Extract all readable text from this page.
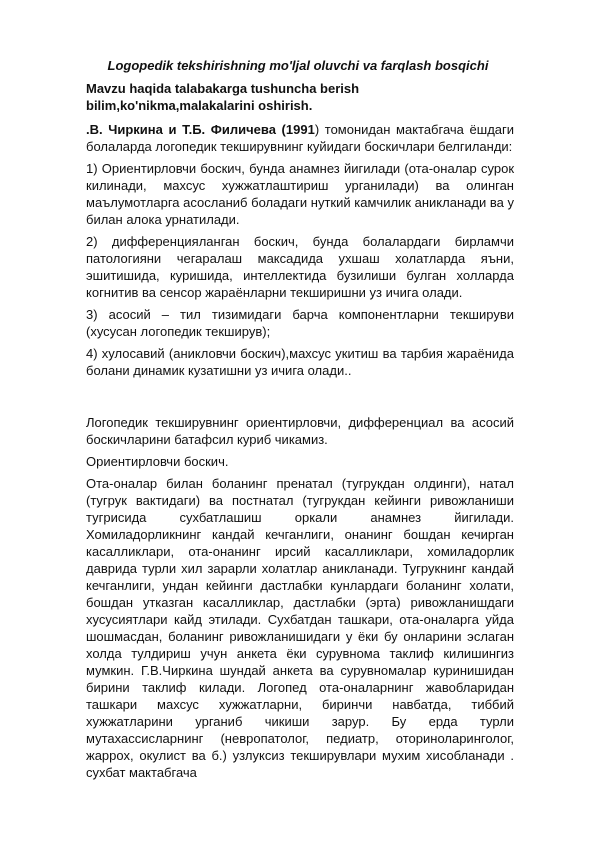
Logopedik tekshirishning mo'ljal oluvchi va farqlash bosqichi
Mavzu haqida talabakarga tushuncha berish bilim,ko'nikma,malakalarini oshirish.

.В. Чиркина и Т.Б. Филичева (1991) томонидан мактабгача ёшдаги болаларда логопедик текширувнинг куйидаги боскичлари белгиланди:

1) Ориентирловчи боскич, бунда анамнез йигилади (ота-оналар сурок килинади, махсус хужжатлаштириш урганилади) ва олинган маълумотларга асосланиб боладаги нуткий камчилик аникланади ва у билан алока урнатилади.

2) дифференцияланган боскич, бунда болалардаги бирламчи патологияни чегаралаш максадида ухшаш холатларда яъни, эшитишида, куришида, интеллектида бузилиши булган холларда когнитив ва сенсор жараёнларни текширишни уз ичига олади.

3) асосий – тил тизимидаги барча компонентларни текшируви (хусусан логопедик текширув);

4) хулосавий (аникловчи боскич),махсус укитиш ва тарбия жараёнида болани динамик кузатишни уз ичига олади..

Логопедик текширувнинг ориентирловчи, дифференциал ва асосий боскичларини батафсил куриб чикамиз.

Ориентирловчи боскич.

Ота-оналар билан боланинг пренатал (тугрукдан олдинги), натал (тугрук вактидаги) ва постнатал (тугрукдан кейинги ривожланиши тугрисида сухбатлашиш оркали анамнез йигилади. Хомиладорликнинг кандай кечганлиги, онанинг бошдан кечирган касалликлари, ота-онанинг ирсий касалликлари, хомиладорлик даврида турли хил зарарли холатлар аникланади. Тугрукнинг кандай кечганлиги, ундан кейинги дастлабки кунлардаги боланинг холати, бошдан утказган касалликлар, дастлабки (эрта) ривожланишдаги хусусиятлари кайд этилади. Сухбатдан ташкари, ота-оналарга уйда шошмасдан, боланинг ривожланишидаги у ёки бу онларини эслаган холда тулдириш учун анкета ёки сурувнома таклиф килишингиз мумкин. Г.В.Чиркина шундай анкета ва сурувномалар куринишидан бирини таклиф килади. Логопед ота-оналарнинг жавобларидан ташкари махсус хужжатларни, биринчи навбатда, тиббий хужжатларини урганиб чикиши зарур. Бу ерда турли мутахассисларнинг (невропатолог, педиатр, оториноларинголог, жаррох, окулист ва б.) узлуксиз текширувлари мухим хисобланади . сухбат мактабгача
